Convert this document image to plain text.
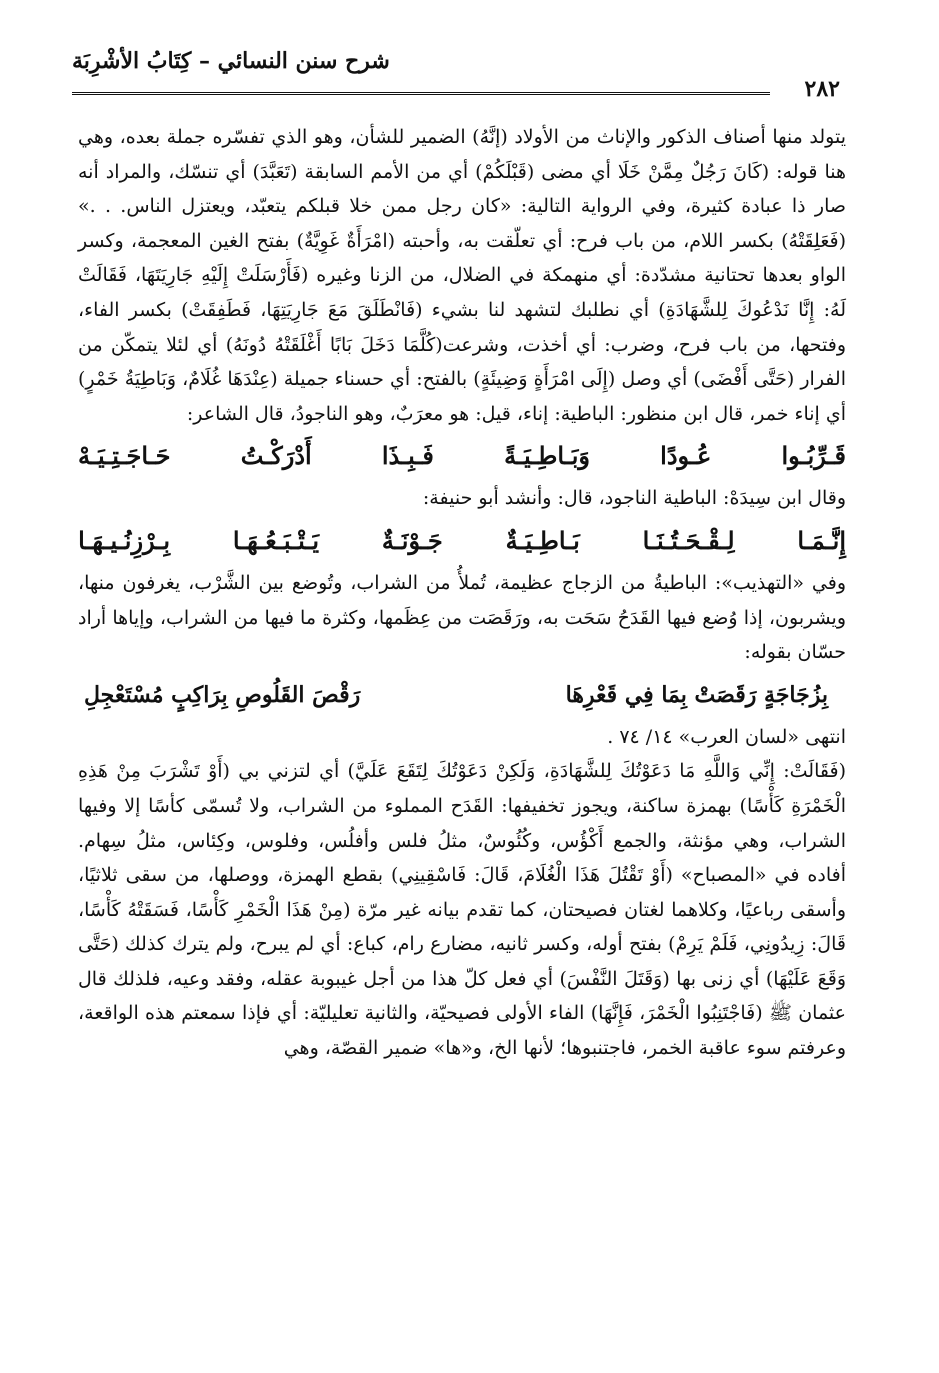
شرح سنن النسائي – كِتَابُ الأشْرِبَة
٢٨٢

يتولد منها أصناف الذكور والإناث من الأولاد (إنَّهُ) الضمير للشأن، وهو الذي تفسّره جملة بعده، وهي هنا قوله: (كَانَ رَجُلٌ مِمَّنْ خَلَا أي مضى (قَبْلَكُمْ) أي من الأمم السابقة (تَعَبَّدَ) أي تنسّك، والمراد أنه صار ذا عبادة كثيرة، وفي الرواية التالية: «كان رجل ممن خلا قبلكم يتعبّد، ويعتزل الناس. . .» (فَعَلِقَتْهُ) بكسر اللام، من باب فرح: أي تعلّقت به، وأحبته (امْرَأَةٌ غَوِيَّةٌ) بفتح الغين المعجمة، وكسر الواو بعدها تحتانية مشدّدة: أي منهمكة في الضلال، من الزنا وغيره (فَأَرْسَلَتْ إِلَيْهِ جَارِيَتَهَا، فَقَالَتْ لَهُ: إِنَّا نَدْعُوكَ لِلشَّهَادَةِ) أي نطلبك لتشهد لنا بشيء (فَانْطَلَقَ مَعَ جَارِيَتِهَا، فَطَفِقَتْ) بكسر الفاء، وفتحها، من باب فرح، وضرب: أي أخذت، وشرعت(كُلَّمَا دَخَلَ بَابًا أَغْلَقَتْهُ دُونَهُ) أي لئلا يتمكّن من الفرار (حَتَّى أَفْضَى) أي وصل (إِلَى امْرَأَةٍ وَضِيئَةٍ) بالفتح: أي حسناء جميلة (عِنْدَهَا غُلَامٌ، وَبَاطِيَةُ خَمْرٍ) أي إناء خمر، قال ابن منظور: الباطية: إناء، قيل: هو معرَبٌ، وهو الناجودُ، قال الشاعر:

قَـرِّبُـوا
عُـودًا
وَبَـاطِـيَـةً
فَـبِـذَا
أَدْرَكْـتُ
حَـاجَـتِـيَـهْ

وقال ابن سِيدَهْ: الباطية الناجود، قال: وأنشد أبو حنيفة:

إِنَّـمَـا
لِـقْـحَـتُـنَـا
بَـاطِـيَـةٌ
جَـوْنَـةٌ
يَـتْـبَـعُـهَـا
بِـرْزِنُـيـهَـا

وفي «التهذيب»: الباطيةُ من الزجاج عظيمة، تُملأُ من الشراب، وتُوضع بين الشَّرْب، يغرفون منها، ويشربون، إذا وُضع فيها القَدَحُ سَحَت به، ورَقَصَت من عِظَمها، وكثرة ما فيها من الشراب، وإياها أراد حسّان بقوله:

بِزُجَاجَةٍ رَقَصَتْ بِمَا فِي قَعْرِهَا
رَقْصَ القَلُوصِ بِرَاكِبٍ مُسْتَعْجِلِ

انتهى «لسان العرب» ١٤/ ٧٤ .

(فَقَالَتْ: إِنِّي وَاللَّهِ مَا دَعَوْتُكَ لِلشَّهَادَةِ، وَلَكِنْ دَعَوْتُكَ لِتَقَعَ عَلَيَّ) أي لتزني بي (أَوْ تَشْرَبَ مِنْ هَذِهِ الْخَمْرَةِ كَأْسًا) بهمزة ساكنة، ويجوز تخفيفها: القَدَح المملوء من الشراب، ولا تُسمّى كأسًا إلا وفيها الشراب، وهي مؤنثة، والجمع أَكْؤُس، وكُئُوسٌ، مثلُ فلس وأفلُس، وفلوس، وكِئاس، مثلُ سِهام. أفاده في «المصباح» (أَوْ تَقْتُلَ هَذَا الْغُلَامَ، قَالَ: فَاسْقِينِي) بقطع الهمزة، ووصلها، من سقى ثلاثيًا، وأسقى رباعيًا، وكلاهما لغتان فصيحتان، كما تقدم بيانه غير مرّة (مِنْ هَذَا الْخَمْرِ كَأْسًا، فَسَقَتْهُ كَأْسًا، قَالَ: زِيدُونِي، فَلَمْ يَرِمْ) بفتح أوله، وكسر ثانيه، مضارع رام، كباع: أي لم يبرح، ولم يترك كذلك (حَتَّى وَقَعَ عَلَيْهَا) أي زنى بها (وَقَتَلَ النَّفْسَ) أي فعل كلّ هذا من أجل غيبوبة عقله، وفقد وعيه، فلذلك قال عثمان ﷺ (فَاجْتَنِبُوا الْخَمْرَ، فَإِنَّهَا) الفاء الأولى فصيحيّة، والثانية تعليليّة: أي فإذا سمعتم هذه الواقعة، وعرفتم سوء عاقبة الخمر، فاجتنبوها؛ لأنها الخ، و«ها» ضمير القصّة، وهي
